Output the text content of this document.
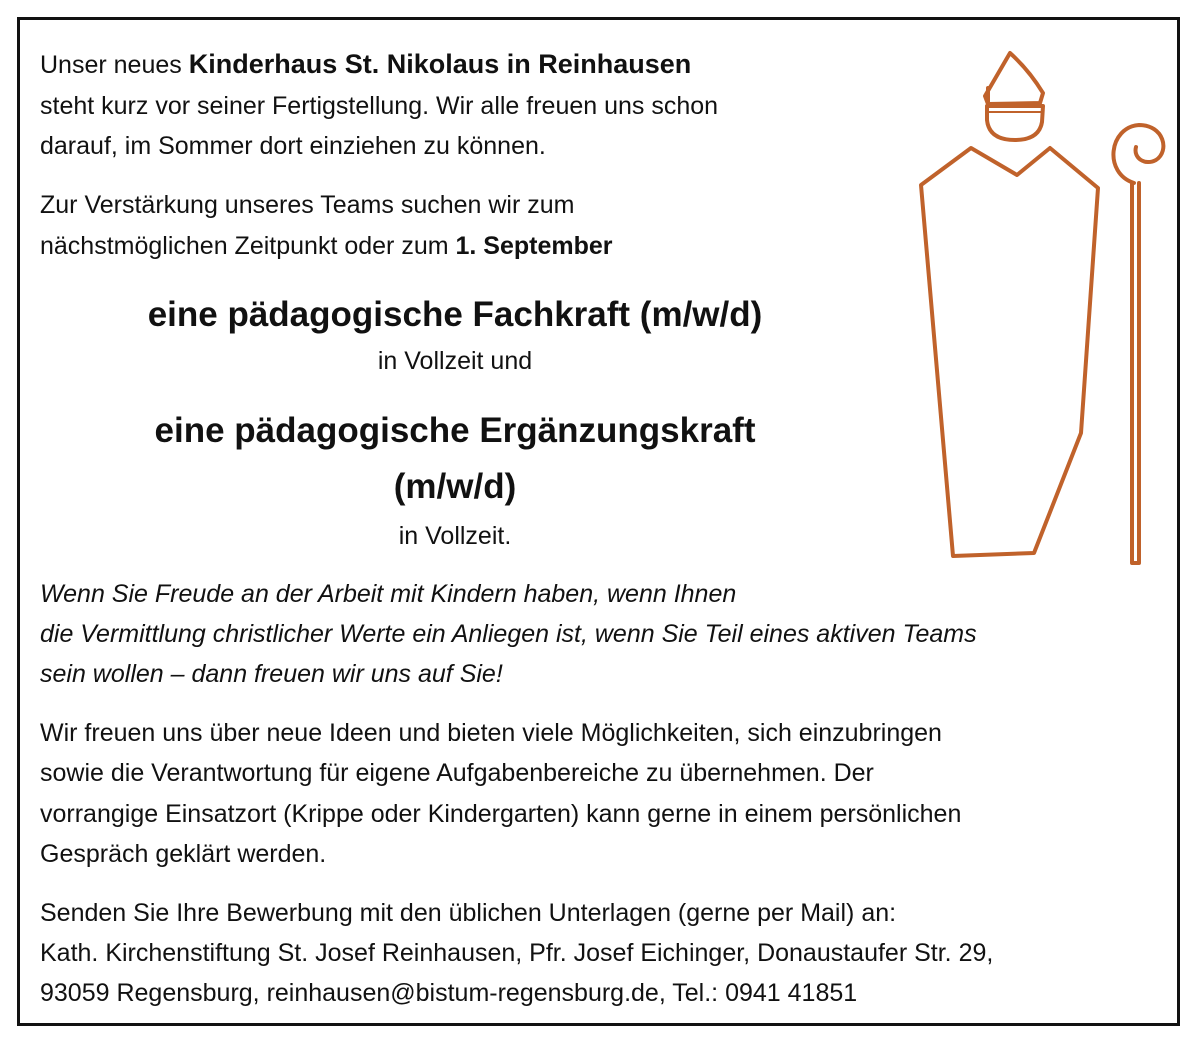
Unser neues Kinderhaus St. Nikolaus in Reinhausen
steht kurz vor seiner Fertigstellung. Wir alle freuen uns schon
darauf, im Sommer dort einziehen zu können.
Zur Verstärkung unseres Teams suchen wir zum
nächstmöglichen Zeitpunkt oder zum 1. September
eine pädagogische Fachkraft (m/w/d)
in Vollzeit und
eine pädagogische Ergänzungskraft
(m/w/d)
in Vollzeit.
Wenn Sie Freude an der Arbeit mit Kindern haben, wenn Ihnen
die Vermittlung christlicher Werte ein Anliegen ist, wenn Sie Teil eines aktiven Teams
sein wollen – dann freuen wir uns auf Sie!
Wir freuen uns über neue Ideen und bieten viele Möglichkeiten, sich einzubringen
sowie die Verantwortung für eigene Aufgabenbereiche zu übernehmen. Der
vorrangige Einsatzort (Krippe oder Kindergarten) kann gerne in einem persönlichen
Gespräch geklärt werden.
Senden Sie Ihre Bewerbung mit den üblichen Unterlagen (gerne per Mail) an:
Kath. Kirchenstiftung St. Josef Reinhausen, Pfr. Josef Eichinger, Donaustaufer Str. 29,
93059 Regensburg, reinhausen@bistum-regensburg.de, Tel.: 0941 41851
